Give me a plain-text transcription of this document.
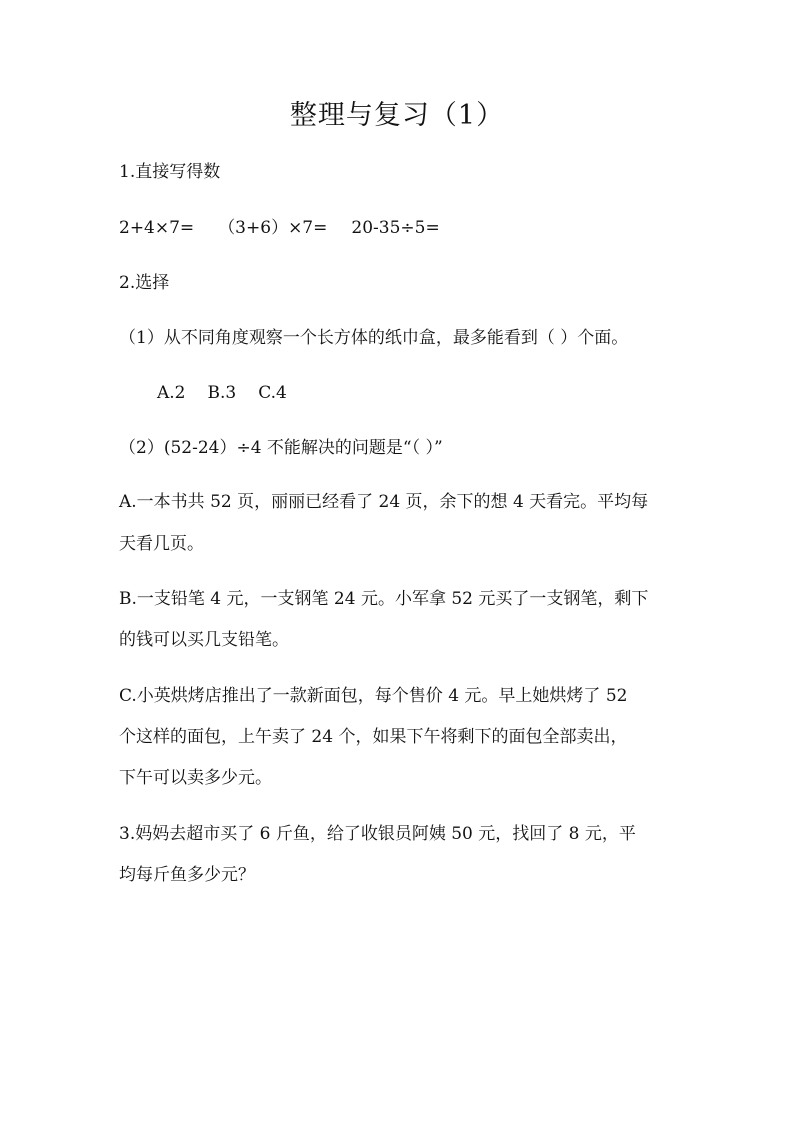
整理与复习（1）
1.直接写得数
2+4×7= （3+6）×7= 20-35÷5=
2.选择
（1）从不同角度观察一个长方体的纸巾盒，最多能看到（ ）个面。
A.2 B.3 C.4
（2）(52-24）÷4 不能解决的问题是“（ ）”
A.一本书共 52 页，丽丽已经看了 24 页，余下的想 4 天看完。平均每
天看几页。
B.一支铅笔 4 元，一支钢笔 24 元。小军拿 52 元买了一支钢笔，剩下
的钱可以买几支铅笔。
C.小英烘烤店推出了一款新面包，每个售价 4 元。早上她烘烤了 52
个这样的面包，上午卖了 24 个，如果下午将剩下的面包全部卖出，
下午可以卖多少元。
3.妈妈去超市买了 6 斤鱼，给了收银员阿姨 50 元，找回了 8 元，平
均每斤鱼多少元？
